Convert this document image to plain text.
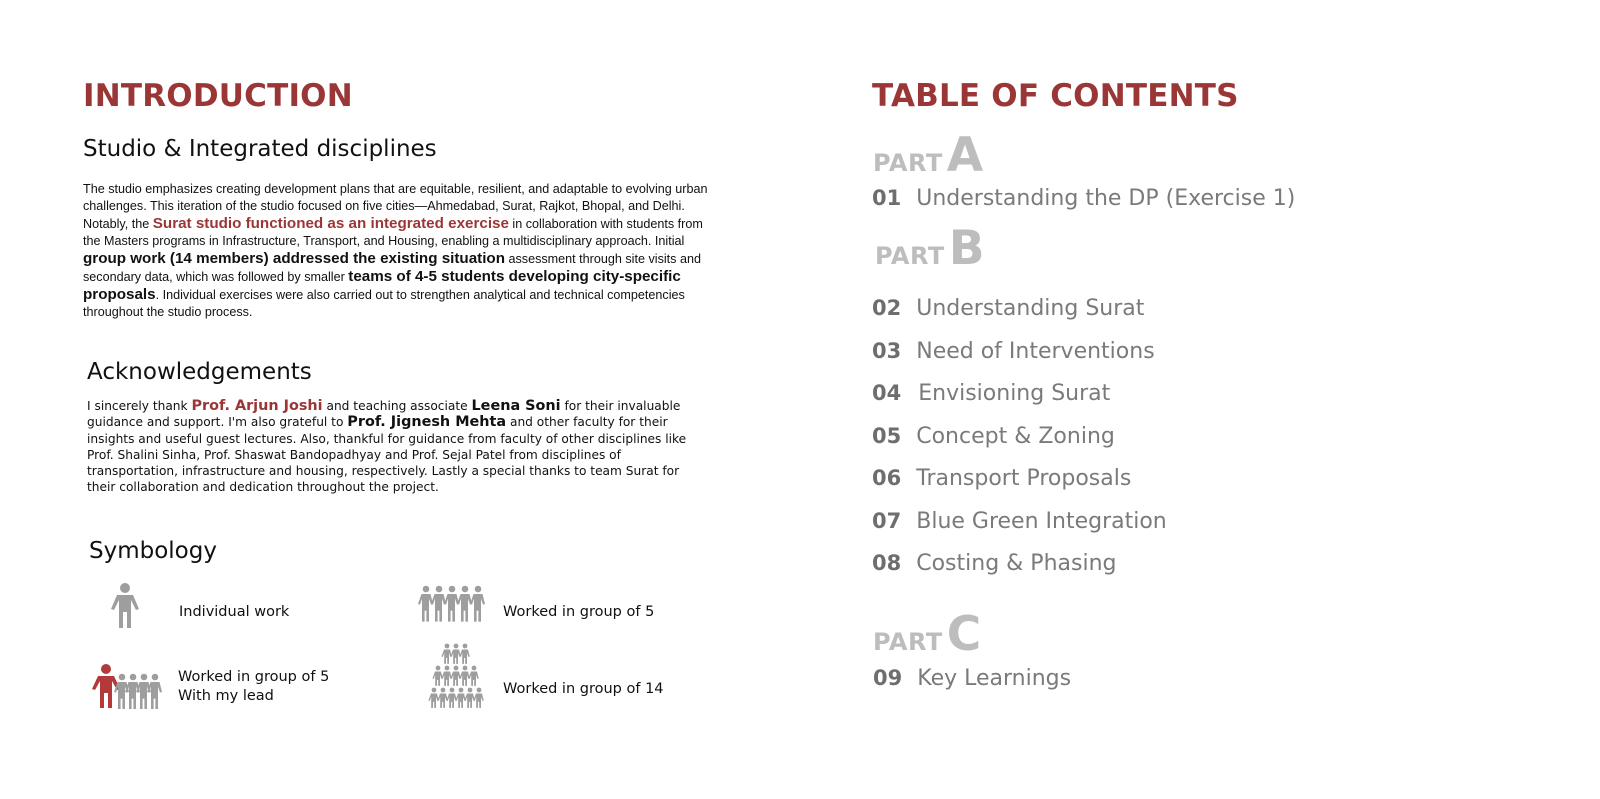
INTRODUCTION
Studio & Integrated disciplines
The studio emphasizes creating development plans that are equitable, resilient, and adaptable to evolving urban challenges. This iteration of the studio focused on five cities—Ahmedabad, Surat, Rajkot, Bhopal, and Delhi. Notably, the Surat studio functioned as an integrated exercise in collaboration with students from the Masters programs in Infrastructure, Transport, and Housing, enabling a multidisciplinary approach. Initial group work (14 members) addressed the existing situation assessment through site visits and secondary data, which was followed by smaller teams of 4-5 students developing city-specific proposals. Individual exercises were also carried out to strengthen analytical and technical competencies throughout the studio process.
Acknowledgements
I sincerely thank Prof. Arjun Joshi and teaching associate Leena Soni for their invaluable guidance and support. I'm also grateful to Prof. Jignesh Mehta and other faculty for their insights and useful guest lectures. Also, thankful for guidance from faculty of other disciplines like Prof. Shalini Sinha, Prof. Shaswat Bandopadhyay and Prof. Sejal Patel from disciplines of transportation, infrastructure and housing, respectively. Lastly a special thanks to team Surat for their collaboration and dedication throughout the project.
Symbology
Individual work	Worked in group of 5
Worked in group of 5
With my lead	Worked in group of 14
TABLE OF CONTENTS
PART A
01 Understanding the DP (Exercise 1)
PART B
02 Understanding Surat
03 Need of Interventions
04 Envisioning Surat
05 Concept & Zoning
06 Transport Proposals
07 Blue Green Integration
08 Costing & Phasing
PART C
09 Key Learnings
